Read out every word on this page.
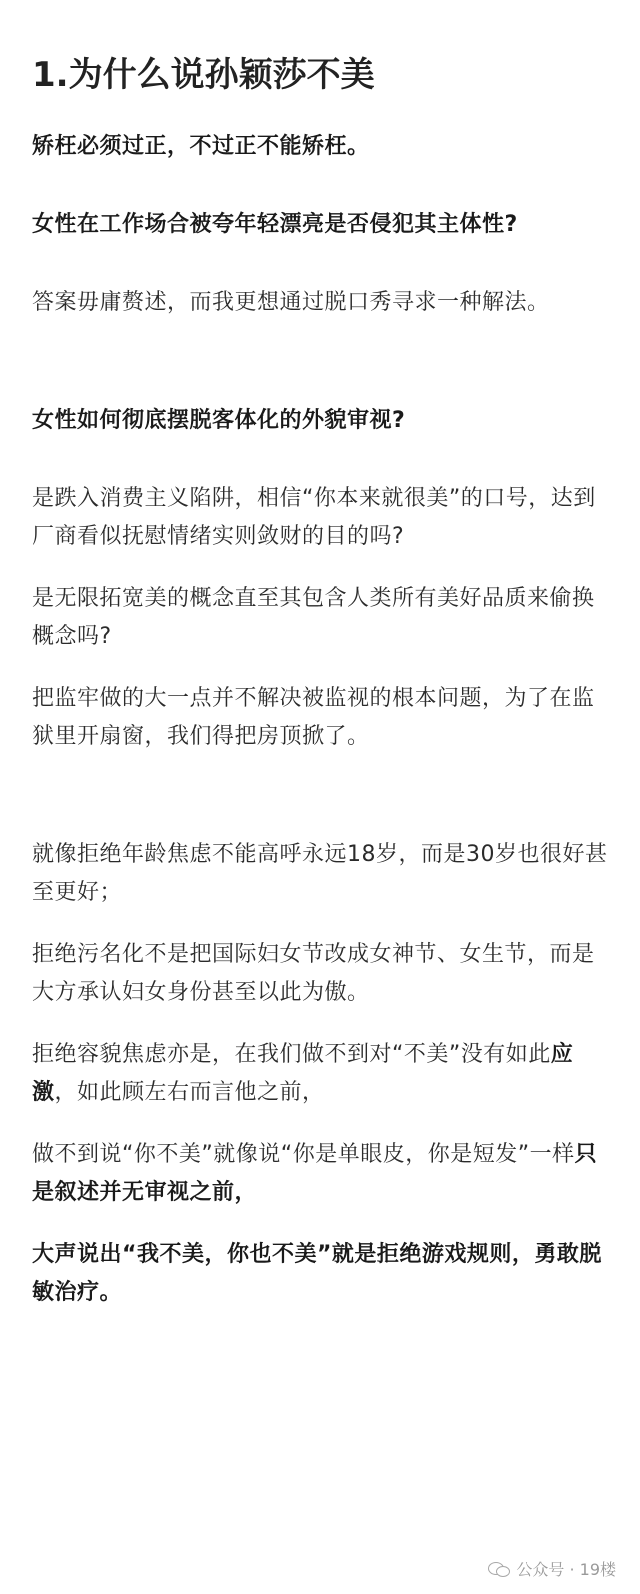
1.为什么说孙颖莎不美

矫枉必须过正，不过正不能矫枉。

女性在工作场合被夸年轻漂亮是否侵犯其主体性?

答案毋庸赘述，而我更想通过脱口秀寻求一种解法。

女性如何彻底摆脱客体化的外貌审视?

是跌入消费主义陷阱，相信“你本来就很美”的口号，达到厂商看似抚慰情绪实则敛财的目的吗?

是无限拓宽美的概念直至其包含人类所有美好品质来偷换概念吗?

把监牢做的大一点并不解决被监视的根本问题，为了在监狱里开扇窗，我们得把房顶掀了。

就像拒绝年龄焦虑不能高呼永远18岁，而是30岁也很好甚至更好；

拒绝污名化不是把国际妇女节改成女神节、女生节，而是大方承认妇女身份甚至以此为傲。

拒绝容貌焦虑亦是，在我们做不到对“不美”没有如此应激，如此顾左右而言他之前，

做不到说“你不美”就像说“你是单眼皮，你是短发”一样只是叙述并无审视之前，

大声说出“我不美，你也不美”就是拒绝游戏规则，勇敢脱敏治疗。

公众号 · 19楼
